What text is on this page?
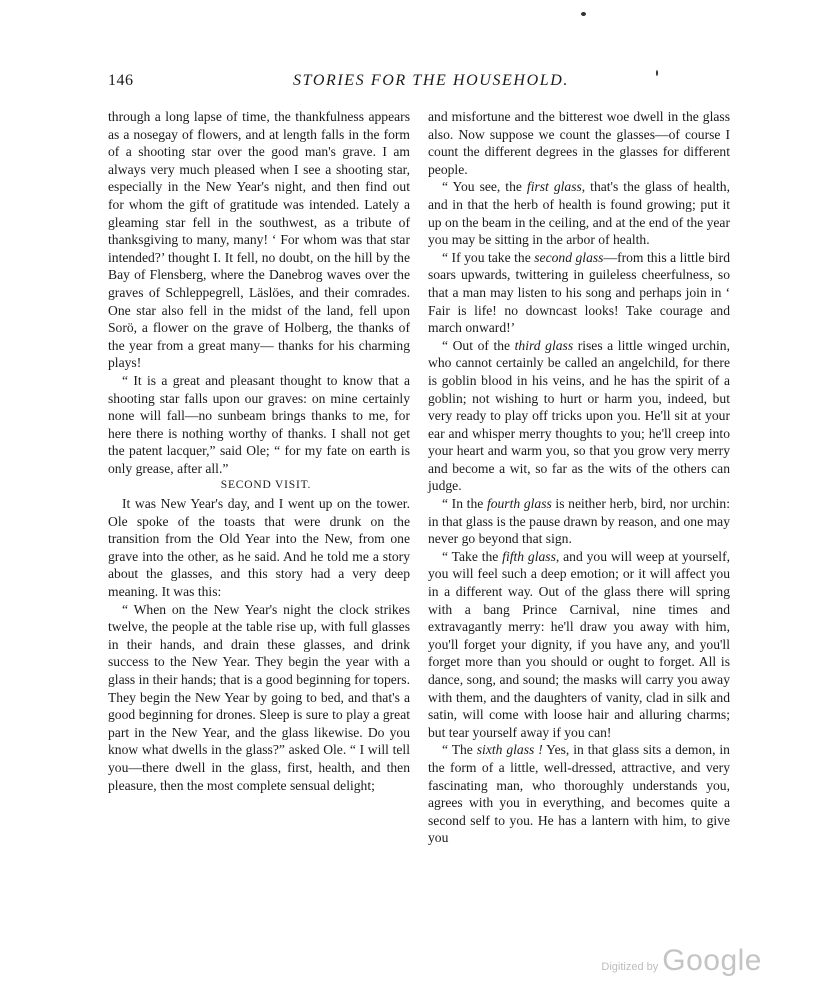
146	STORIES FOR THE HOUSEHOLD.

through a long lapse of time, the thankfulness appears as a nosegay of flowers, and at length falls in the form of a shooting star over the good man's grave. I am always very much pleased when I see a shooting star, especially in the New Year's night, and then find out for whom the gift of gratitude was intended. Lately a gleaming star fell in the southwest, as a tribute of thanksgiving to many, many! ‘ For whom was that star intended?’ thought I. It fell, no doubt, on the hill by the Bay of Flensberg, where the Danebrog waves over the graves of Schleppegrell, Läslöes, and their comrades. One star also fell in the midst of the land, fell upon Sorö, a flower on the grave of Holberg, the thanks of the year from a great many— thanks for his charming plays!

“ It is a great and pleasant thought to know that a shooting star falls upon our graves: on mine certainly none will fall—no sunbeam brings thanks to me, for here there is nothing worthy of thanks. I shall not get the patent lacquer,” said Ole; “ for my fate on earth is only grease, after all.”

SECOND VISIT.

It was New Year's day, and I went up on the tower. Ole spoke of the toasts that were drunk on the transition from the Old Year into the New, from one grave into the other, as he said. And he told me a story about the glasses, and this story had a very deep meaning. It was this:

“ When on the New Year's night the clock strikes twelve, the people at the table rise up, with full glasses in their hands, and drain these glasses, and drink success to the New Year. They begin the year with a glass in their hands; that is a good beginning for topers. They begin the New Year by going to bed, and that's a good beginning for drones. Sleep is sure to play a great part in the New Year, and the glass likewise. Do you know what dwells in the glass?” asked Ole. “ I will tell you—there dwell in the glass, first, health, and then pleasure, then the most complete sensual delight;

and misfortune and the bitterest woe dwell in the glass also. Now suppose we count the glasses—of course I count the different degrees in the glasses for different people.

“ You see, the first glass, that's the glass of health, and in that the herb of health is found growing; put it up on the beam in the ceiling, and at the end of the year you may be sitting in the arbor of health.

“ If you take the second glass—from this a little bird soars upwards, twittering in guileless cheerfulness, so that a man may listen to his song and perhaps join in ‘ Fair is life! no downcast looks! Take courage and march onward!’

“ Out of the third glass rises a little winged urchin, who cannot certainly be called an angelchild, for there is goblin blood in his veins, and he has the spirit of a goblin; not wishing to hurt or harm you, indeed, but very ready to play off tricks upon you. He'll sit at your ear and whisper merry thoughts to you; he'll creep into your heart and warm you, so that you grow very merry and become a wit, so far as the wits of the others can judge.

“ In the fourth glass is neither herb, bird, nor urchin: in that glass is the pause drawn by reason, and one may never go beyond that sign.

“ Take the fifth glass, and you will weep at yourself, you will feel such a deep emotion; or it will affect you in a different way. Out of the glass there will spring with a bang Prince Carnival, nine times and extravagantly merry: he'll draw you away with him, you'll forget your dignity, if you have any, and you'll forget more than you should or ought to forget. All is dance, song, and sound; the masks will carry you away with them, and the daughters of vanity, clad in silk and satin, will come with loose hair and alluring charms; but tear yourself away if you can!

“ The sixth glass ! Yes, in that glass sits a demon, in the form of a little, well-dressed, attractive, and very fascinating man, who thoroughly understands you, agrees with you in everything, and becomes quite a second self to you. He has a lantern with him, to give you

Digitized by Google
